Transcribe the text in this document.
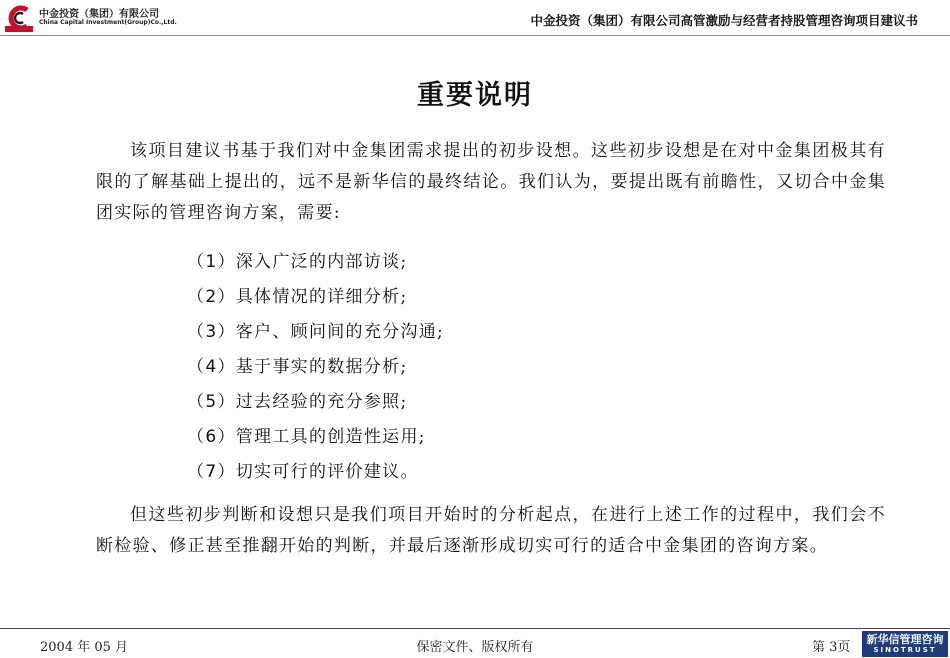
中金投资（集团）有限公司
China Capital Investment(Group)Co.,Ltd.	中金投资（集团）有限公司高管激励与经营者持股管理咨询项目建议书
重要说明

该项目建议书基于我们对中金集团需求提出的初步设想。这些初步设想是在对中金集团极其有限的了解基础上提出的，远不是新华信的最终结论。我们认为，要提出既有前瞻性，又切合中金集团实际的管理咨询方案，需要:

（1）深入广泛的内部访谈;
（2）具体情况的详细分析;
（3）客户、顾问间的充分沟通;
（4）基于事实的数据分析;
（5）过去经验的充分参照;
（6）管理工具的创造性运用;
（7）切实可行的评价建议。

但这些初步判断和设想只是我们项目开始时的分析起点，在进行上述工作的过程中，我们会不断检验、修正甚至推翻开始的判断，并最后逐渐形成切实可行的适合中金集团的咨询方案。

2004 年 05 月	保密文件、版权所有	第 3页
新华信管理咨询
SINOTRUST
